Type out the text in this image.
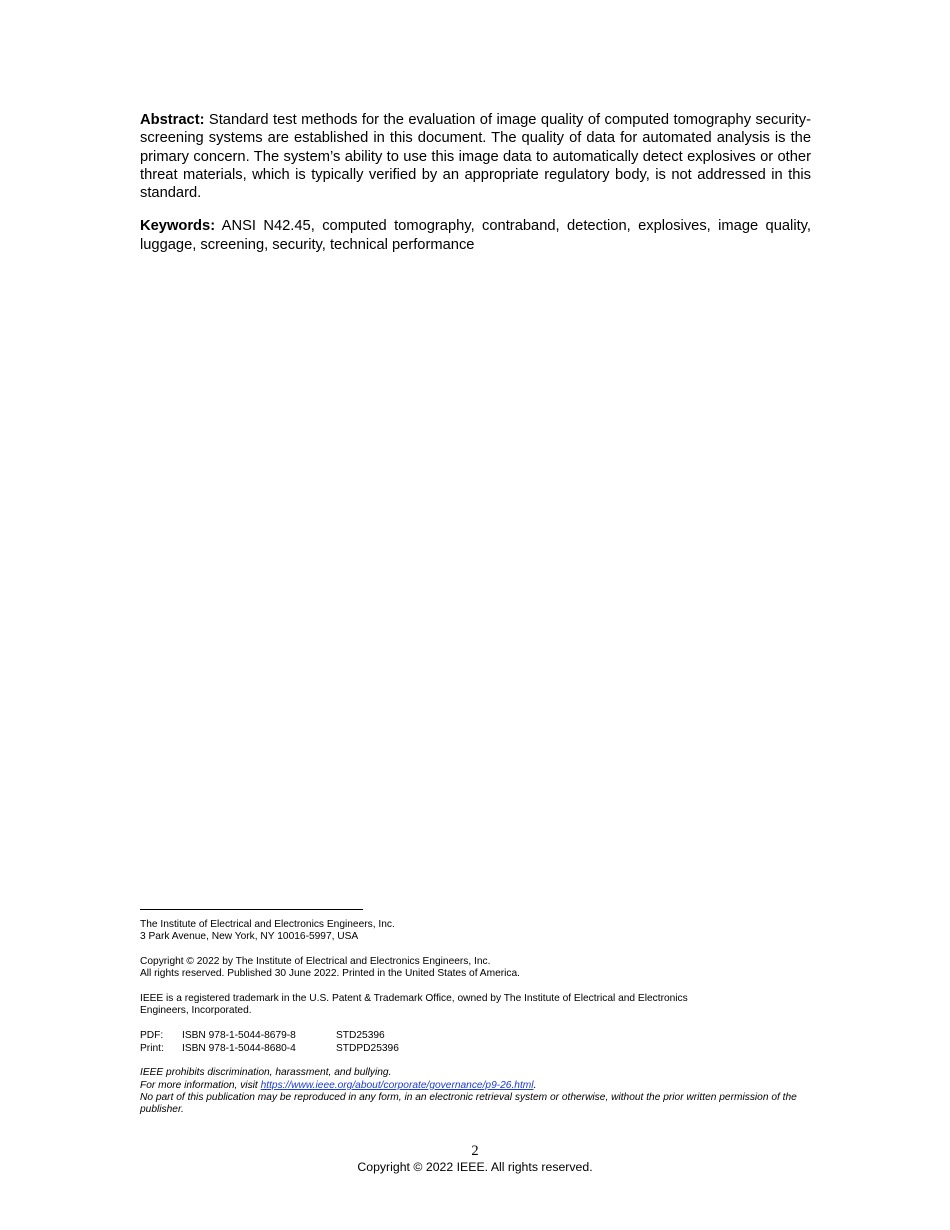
Abstract: Standard test methods for the evaluation of image quality of computed tomography security-screening systems are established in this document. The quality of data for automated analysis is the primary concern. The system’s ability to use this image data to automatically detect explosives or other threat materials, which is typically verified by an appropriate regulatory body, is not addressed in this standard.

Keywords: ANSI N42.45, computed tomography, contraband, detection, explosives, image quality, luggage, screening, security, technical performance

The Institute of Electrical and Electronics Engineers, Inc.
3 Park Avenue, New York, NY 10016-5997, USA
Copyright © 2022 by The Institute of Electrical and Electronics Engineers, Inc.
All rights reserved. Published 30 June 2022. Printed in the United States of America.
IEEE is a registered trademark in the U.S. Patent & Trademark Office, owned by The Institute of Electrical and Electronics
Engineers, Incorporated.
PDF:	ISBN 978-1-5044-8679-8	STD25396
Print:	ISBN 978-1-5044-8680-4	STDPD25396
IEEE prohibits discrimination, harassment, and bullying.
For more information, visit https://www.ieee.org/about/corporate/governance/p9-26.html.
No part of this publication may be reproduced in any form, in an electronic retrieval system or otherwise, without the prior written permission of the publisher.
2
Copyright © 2022 IEEE. All rights reserved.
